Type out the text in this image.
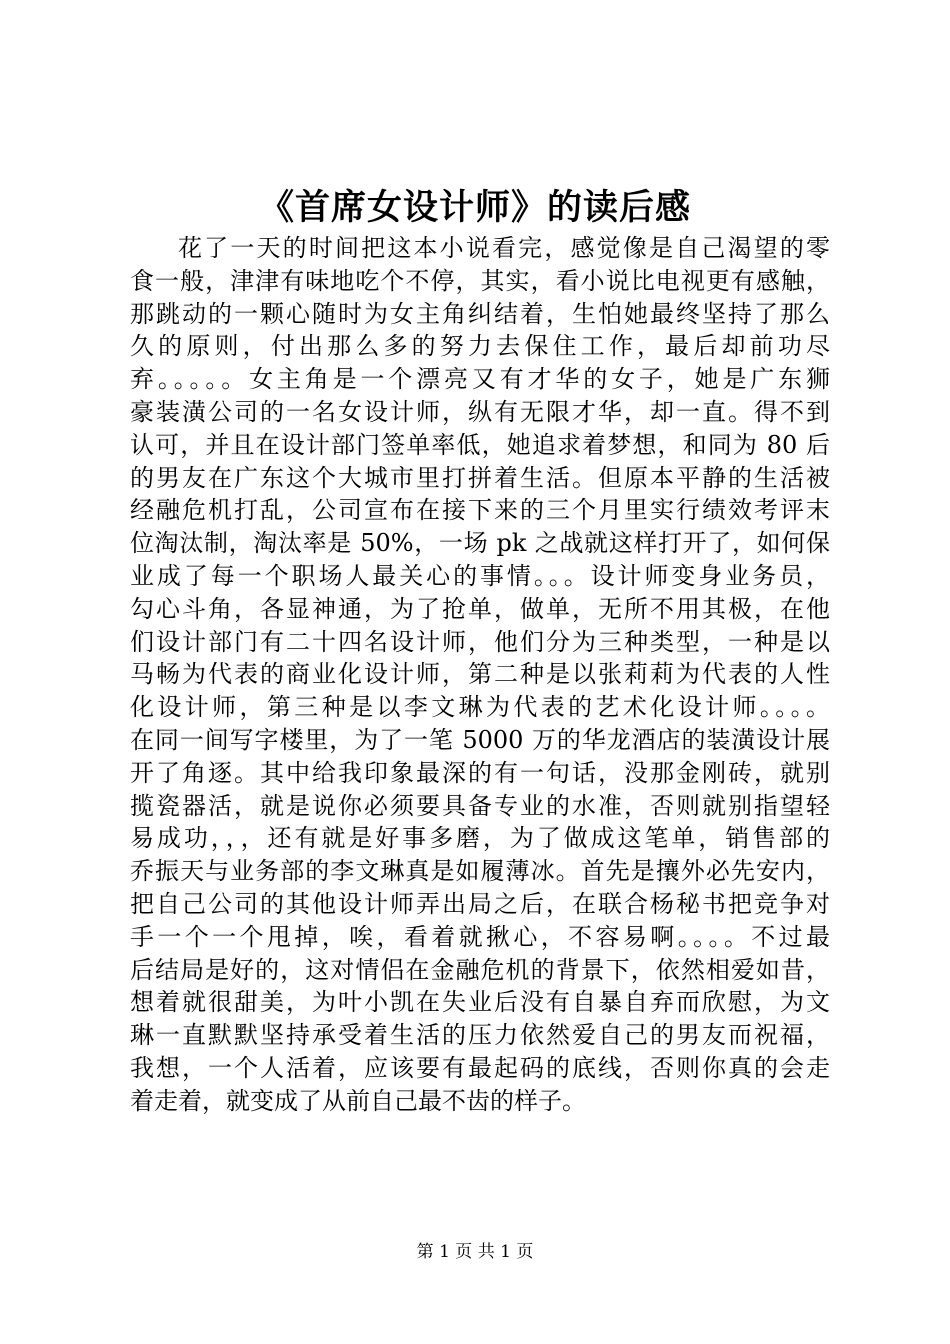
《首席女设计师》的读后感
花了一天的时间把这本小说看完，感觉像是自己渴望的零
食一般，津津有味地吃个不停，其实，看小说比电视更有感触，
那跳动的一颗心随时为女主角纠结着，生怕她最终坚持了那么
久的原则，付出那么多的努力去保住工作，最后却前功尽
弃。。。。。女主角是一个漂亮又有才华的女子，她是广东狮
豪装潢公司的一名女设计师，纵有无限才华，却一直。得不到
认可，并且在设计部门签单率低，她追求着梦想，和同为 80 后
的男友在广东这个大城市里打拼着生活。但原本平静的生活被
经融危机打乱，公司宣布在接下来的三个月里实行绩效考评末
位淘汰制，淘汰率是 50%，一场 pk 之战就这样打开了，如何保
业成了每一个职场人最关心的事情。。。设计师变身业务员，
勾心斗角，各显神通，为了抢单，做单，无所不用其极，在他
们设计部门有二十四名设计师，他们分为三种类型，一种是以
马畅为代表的商业化设计师，第二种是以张莉莉为代表的人性
化设计师，第三种是以李文琳为代表的艺术化设计师。。。。
在同一间写字楼里，为了一笔 5000 万的华龙酒店的装潢设计展
开了角逐。其中给我印象最深的有一句话，没那金刚砖，就别
揽瓷器活，就是说你必须要具备专业的水准，否则就别指望轻
易成功，，，还有就是好事多磨，为了做成这笔单，销售部的
乔振天与业务部的李文琳真是如履薄冰。首先是攘外必先安内，
把自己公司的其他设计师弄出局之后，在联合杨秘书把竞争对
手一个一个甩掉，唉，看着就揪心，不容易啊。。。。不过最
后结局是好的，这对情侣在金融危机的背景下，依然相爱如昔，
想着就很甜美，为叶小凯在失业后没有自暴自弃而欣慰，为文
琳一直默默坚持承受着生活的压力依然爱自己的男友而祝福，
我想，一个人活着，应该要有最起码的底线，否则你真的会走
着走着，就变成了从前自己最不齿的样子。
第 1 页 共 1 页
